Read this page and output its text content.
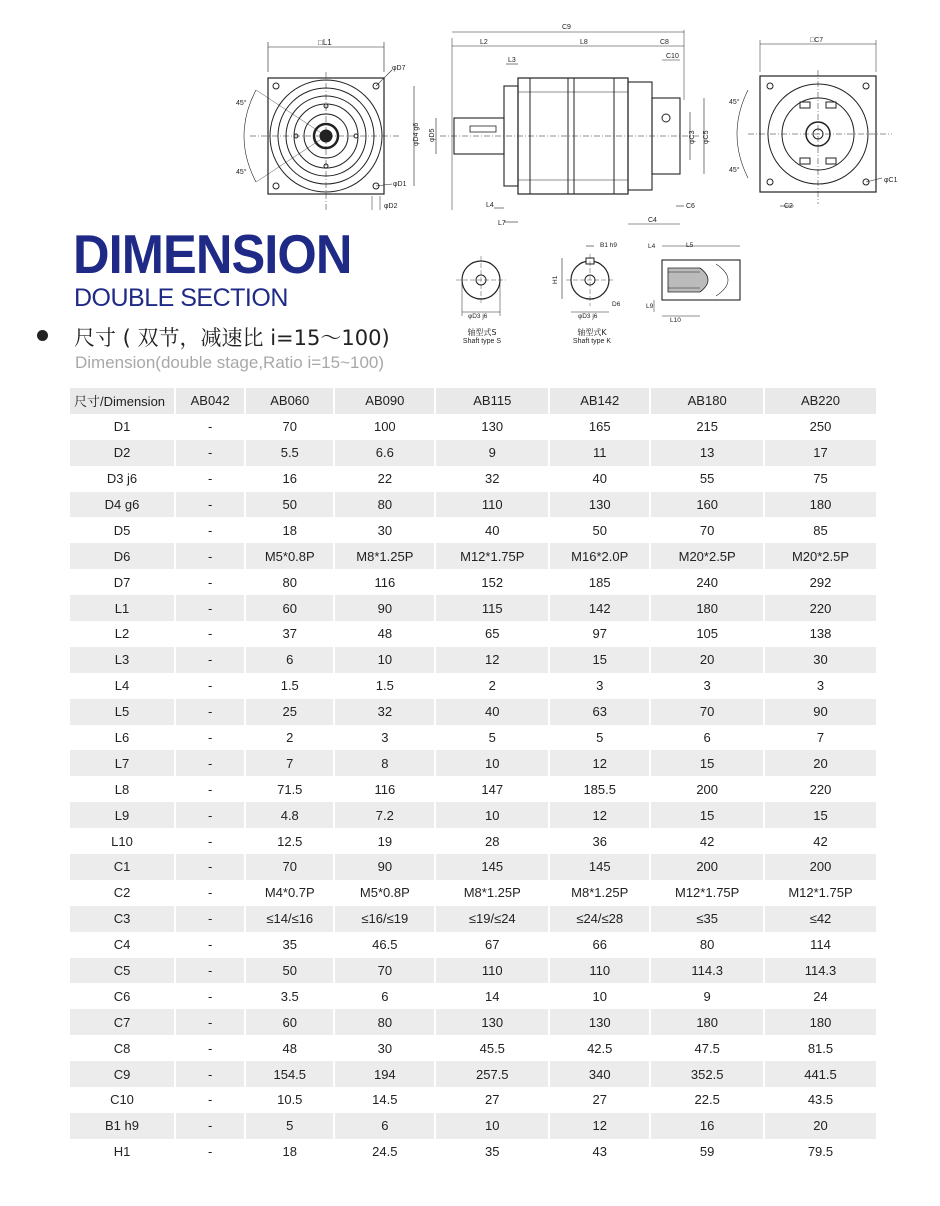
□L1
45°
45°
φD7
φD1
φD2
C9
L2	L8	C8
L3
C10
φD4 g6 φD5	φC3 φC5
L4
L7	C4
C6
□C7
45°
45°
φC1
C2
φD3 j6
B1 h9
H1
φD3 j6
D6
L4	L5
L9
L10
轴型式S
Shaft type S
轴型式K
Shaft type K
DIMENSION
DOUBLE SECTION
尺寸 ( 双节，减速比 i=15～100)
Dimension(double stage,Ratio i=15~100)
尺寸/Dimension	AB042	AB060	AB090	AB115	AB142	AB180	AB220
D1	-	70	100	130	165	215	250
D2	-	5.5	6.6	9	11	13	17
D3 j6	-	16	22	32	40	55	75
D4 g6	-	50	80	110	130	160	180
D5	-	18	30	40	50	70	85
D6	-	M5*0.8P	M8*1.25P	M12*1.75P	M16*2.0P	M20*2.5P	M20*2.5P
D7	-	80	116	152	185	240	292
L1	-	60	90	115	142	180	220
L2	-	37	48	65	97	105	138
L3	-	6	10	12	15	20	30
L4	-	1.5	1.5	2	3	3	3
L5	-	25	32	40	63	70	90
L6	-	2	3	5	5	6	7
L7	-	7	8	10	12	15	20
L8	-	71.5	116	147	185.5	200	220
L9	-	4.8	7.2	10	12	15	15
L10	-	12.5	19	28	36	42	42
C1	-	70	90	145	145	200	200
C2	-	M4*0.7P	M5*0.8P	M8*1.25P	M8*1.25P	M12*1.75P	M12*1.75P
C3	-	≤14/≤16	≤16/≤19	≤19/≤24	≤24/≤28	≤35	≤42
C4	-	35	46.5	67	66	80	114
C5	-	50	70	110	110	114.3	114.3
C6	-	3.5	6	14	10	9	24
C7	-	60	80	130	130	180	180
C8	-	48	30	45.5	42.5	47.5	81.5
C9	-	154.5	194	257.5	340	352.5	441.5
C10	-	10.5	14.5	27	27	22.5	43.5
B1 h9	-	5	6	10	12	16	20
H1	-	18	24.5	35	43	59	79.5
